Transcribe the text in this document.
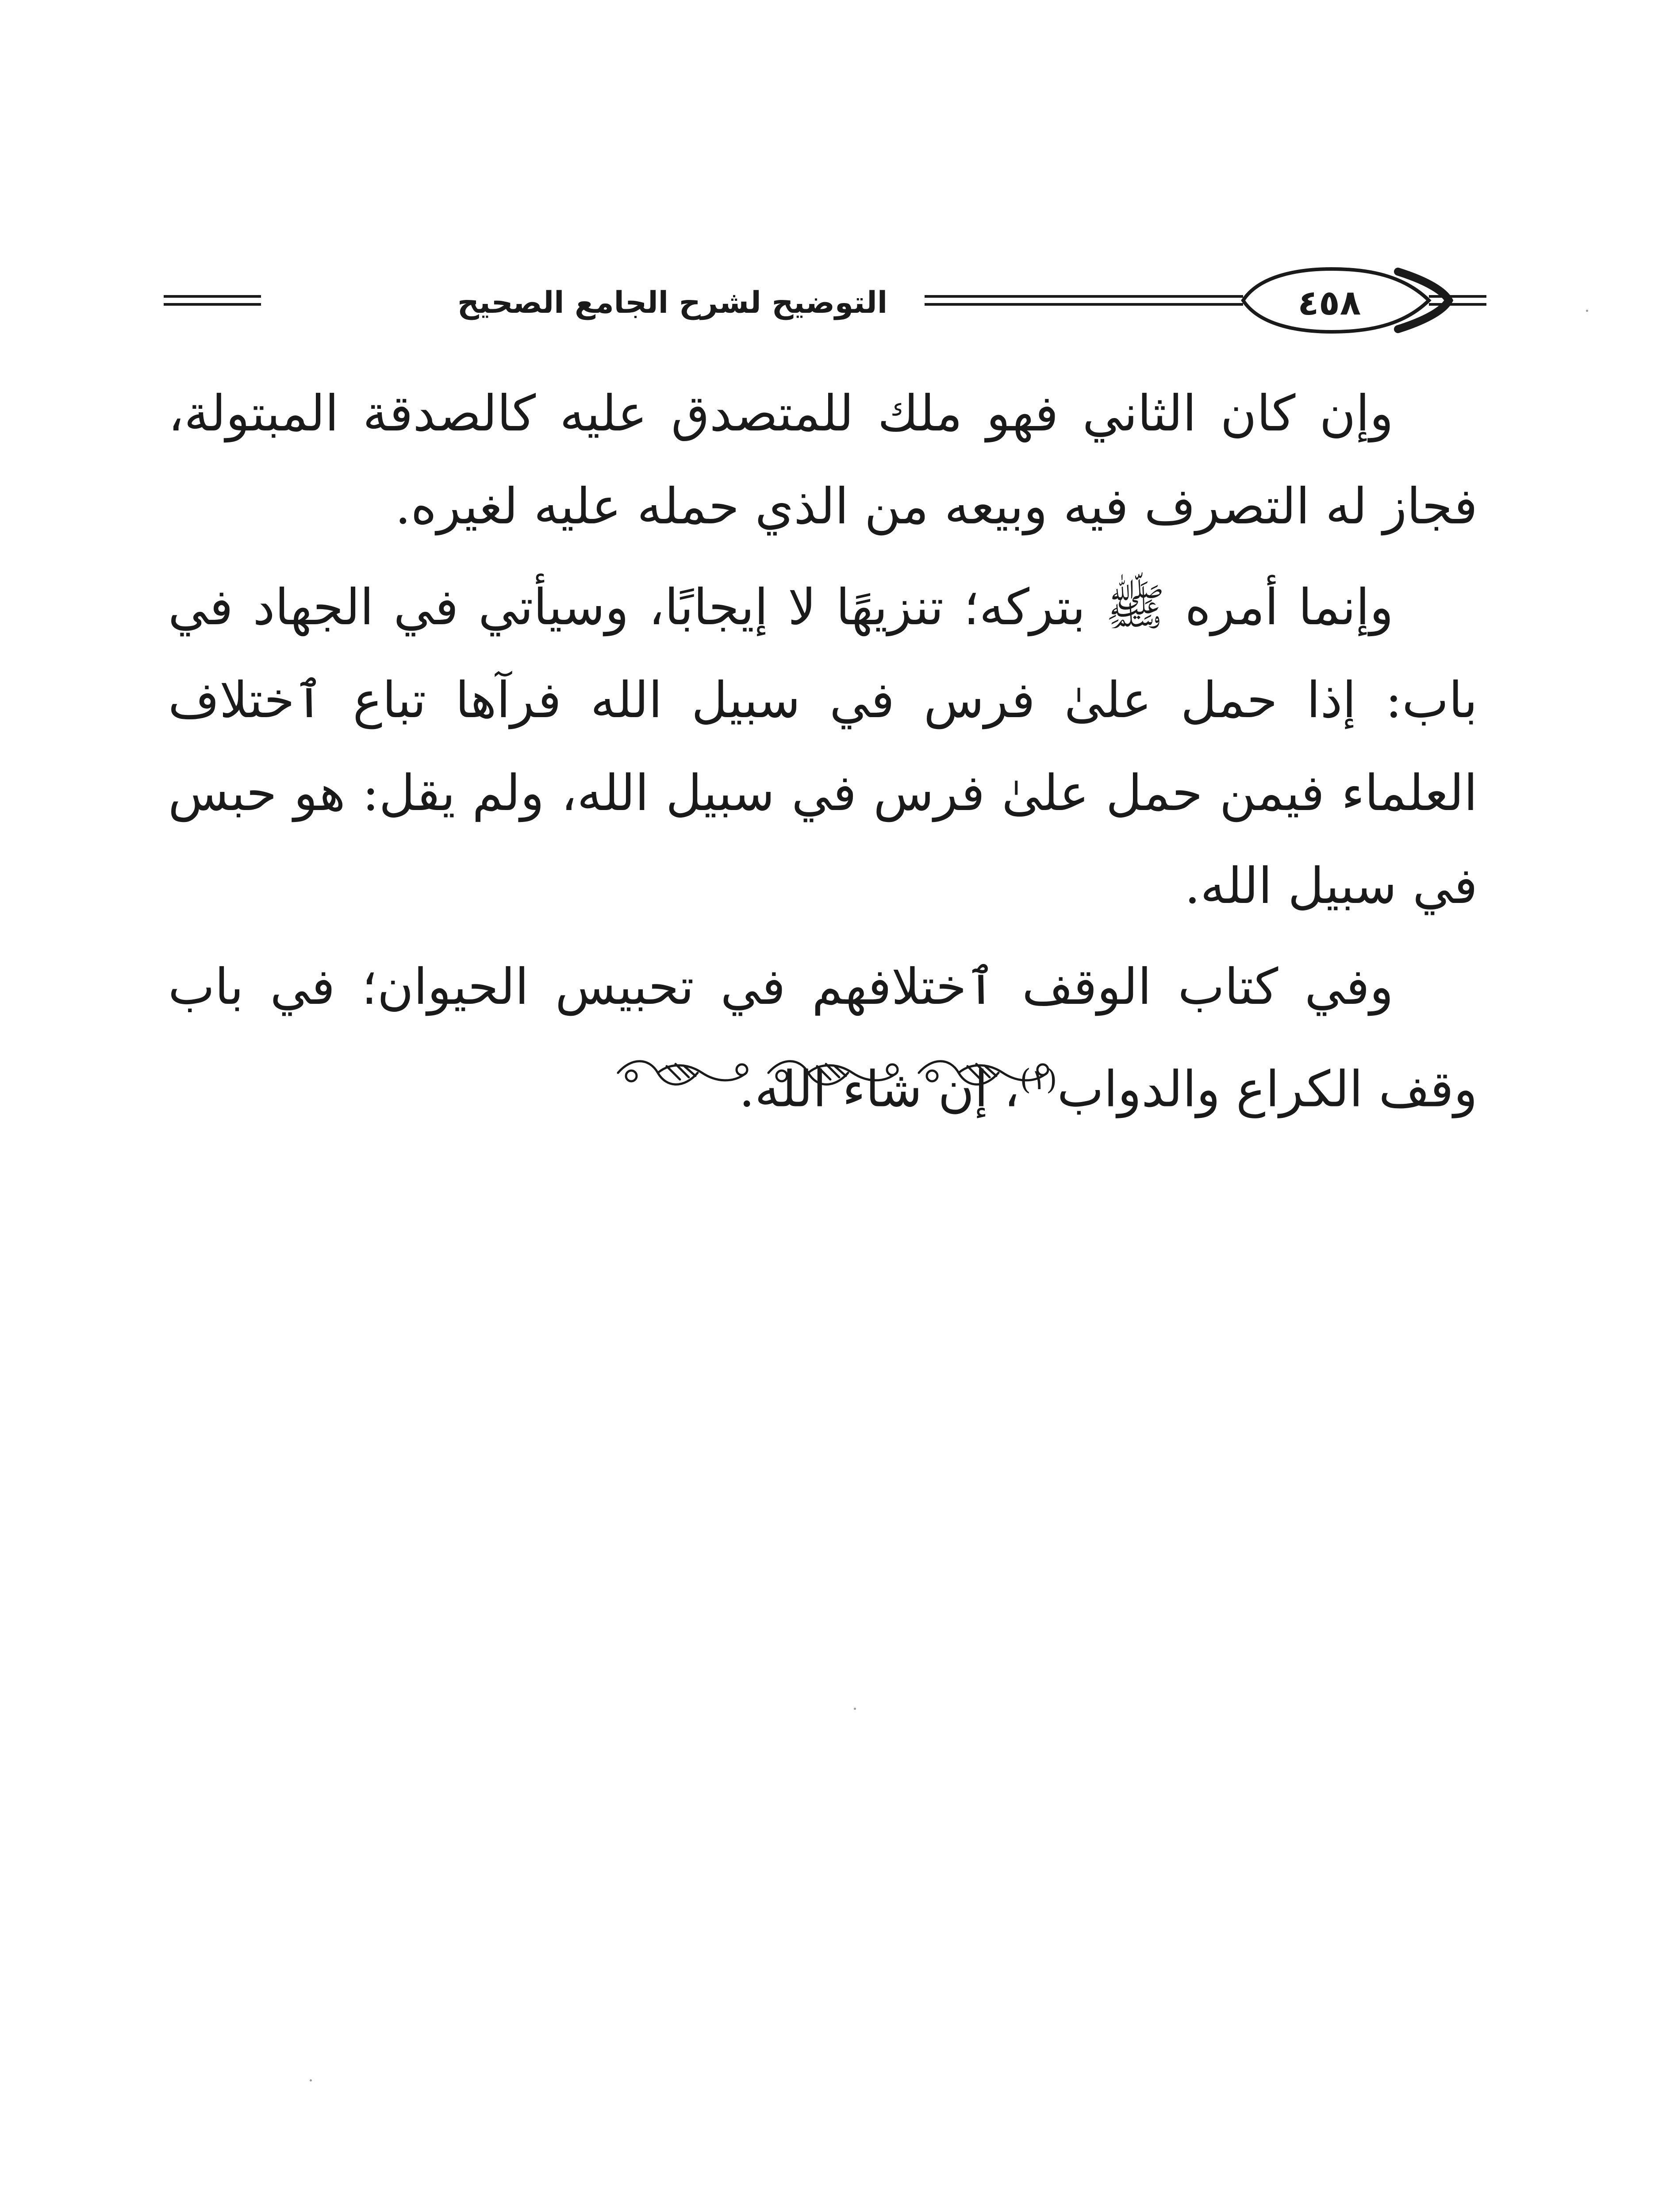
التوضيح لشرح الجامع الصحيح	٤٥٨

وإن كان الثاني فهو ملك للمتصدق عليه كالصدقة المبتولة، فجاز له التصرف فيه وبيعه من الذي حمله عليه لغيره.

وإنما أمره ﷺ بتركه؛ تنزيهًا لا إيجابًا، وسيأتي في الجهاد في باب: إذا حمل علىٰ فرس في سبيل الله فرآها تباع ٱختلاف العلماء فيمن حمل علىٰ فرس في سبيل الله، ولم يقل: هو حبس في سبيل الله.

وفي كتاب الوقف ٱختلافهم في تحبيس الحيوان؛ في باب وقف الكراع والدواب$^{(١)}$، إن شاء الله.
